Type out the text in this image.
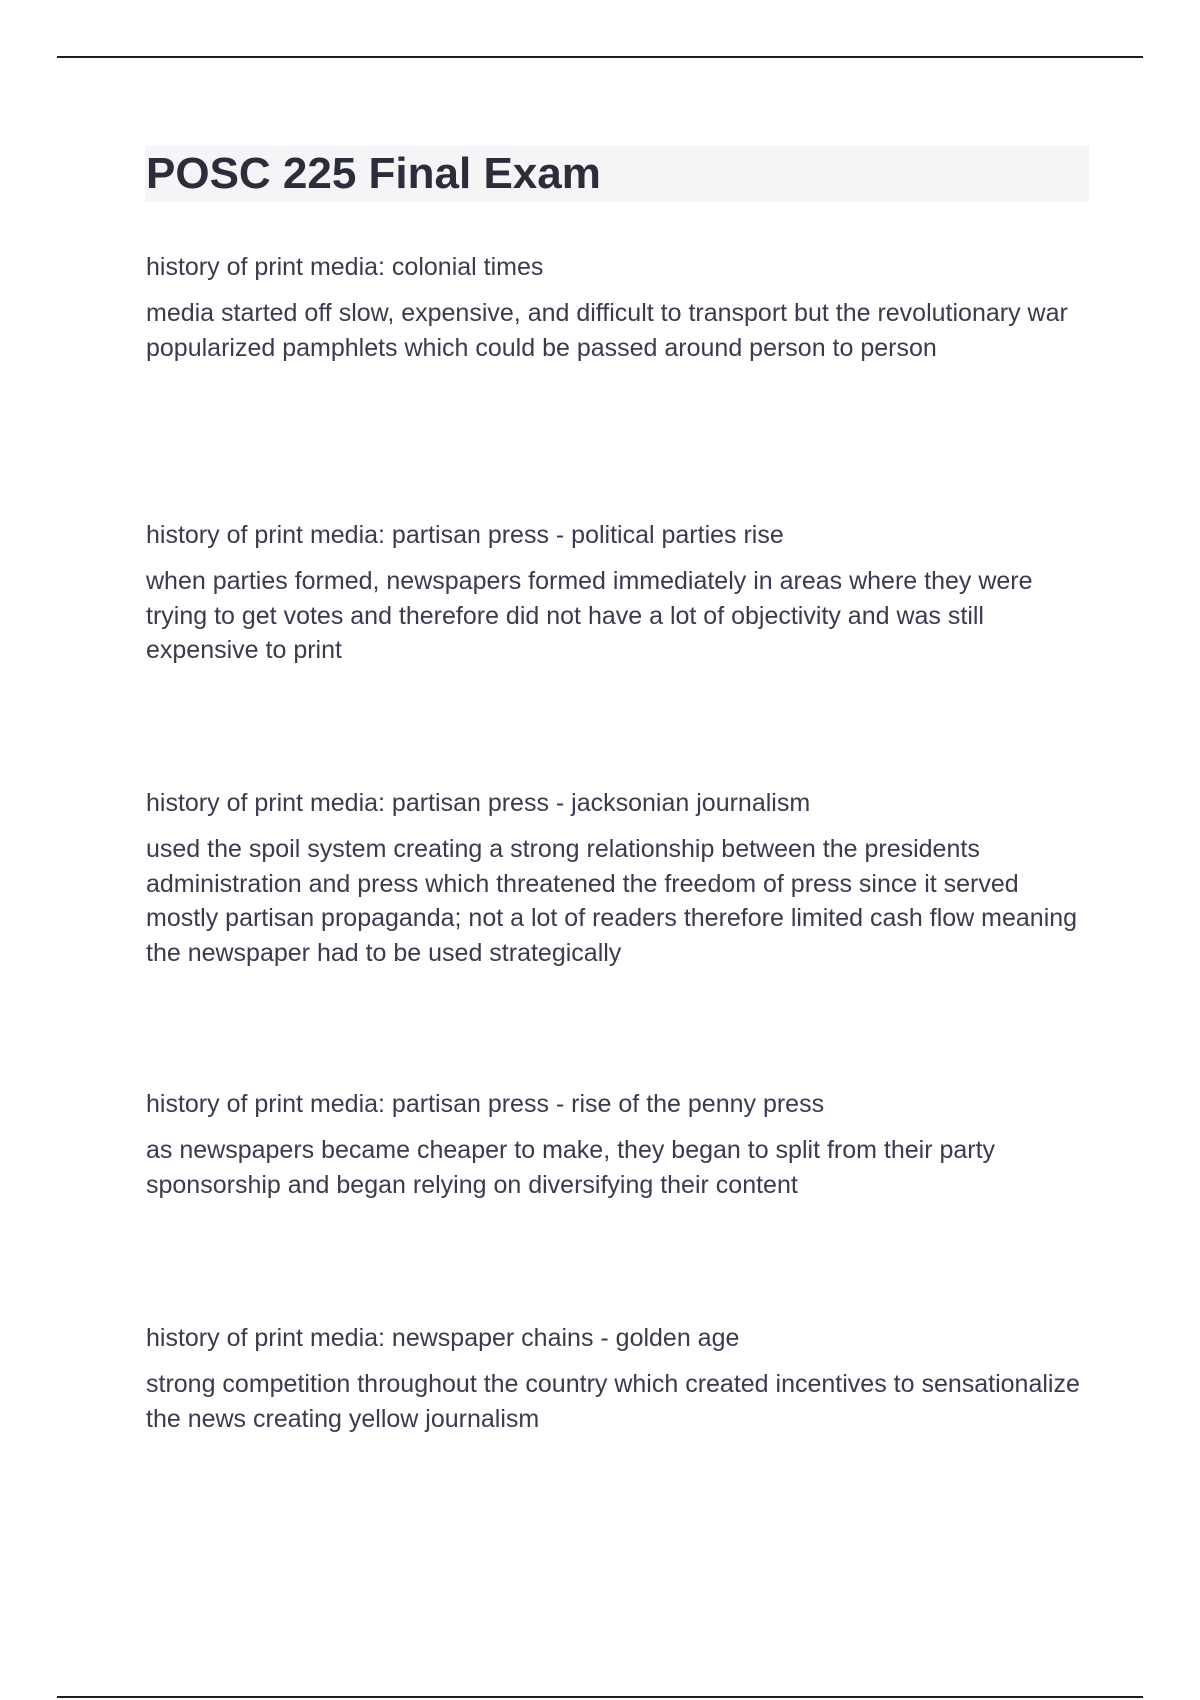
POSC 225 Final Exam

history of print media: colonial times

media started off slow, expensive, and difficult to transport but the revolutionary war popularized pamphlets which could be passed around person to person

history of print media: partisan press - political parties rise

when parties formed, newspapers formed immediately in areas where they were trying to get votes and therefore did not have a lot of objectivity and was still expensive to print

history of print media: partisan press - jacksonian journalism

used the spoil system creating a strong relationship between the presidents administration and press which threatened the freedom of press since it served mostly partisan propaganda; not a lot of readers therefore limited cash flow meaning the newspaper had to be used strategically

history of print media: partisan press - rise of the penny press

as newspapers became cheaper to make, they began to split from their party sponsorship and began relying on diversifying their content

history of print media: newspaper chains - golden age

strong competition throughout the country which created incentives to sensationalize the news creating yellow journalism
